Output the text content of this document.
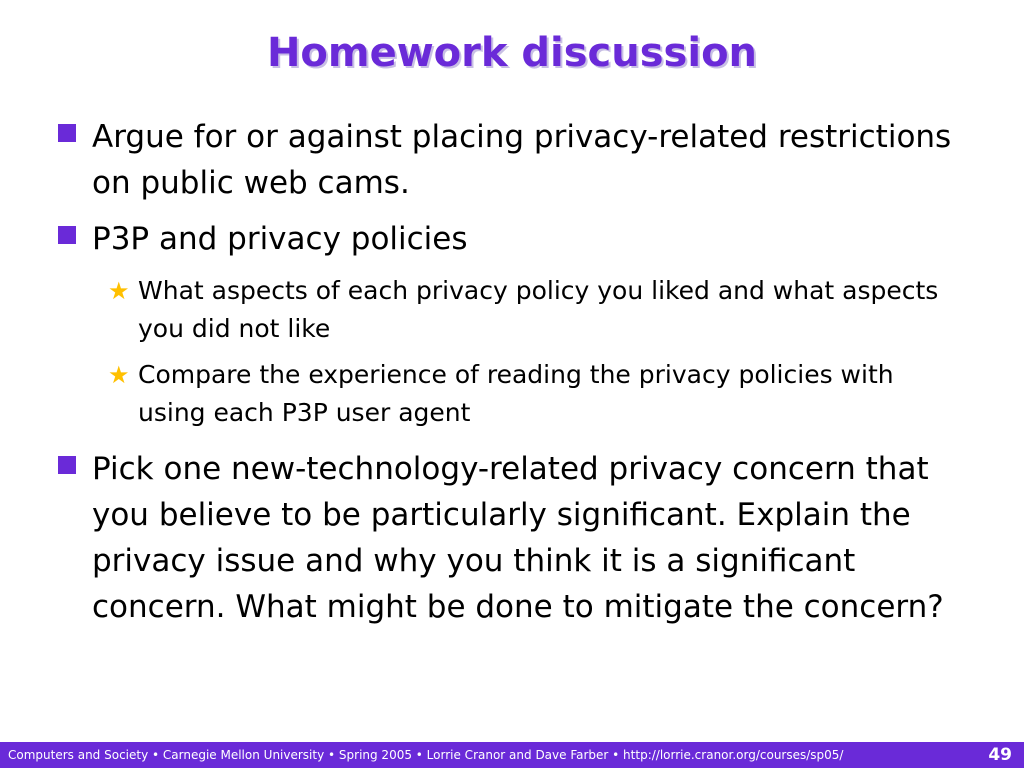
Homework discussion
Argue for or against placing privacy-related restrictions on public web cams.
P3P and privacy policies
★ What aspects of each privacy policy you liked and what aspects you did not like
★ Compare the experience of reading the privacy policies with using each P3P user agent
Pick one new-technology-related privacy concern that you believe to be particularly significant. Explain the privacy issue and why you think it is a significant concern. What might be done to mitigate the concern?
Computers and Society • Carnegie Mellon University • Spring 2005 • Lorrie Cranor and Dave Farber • http://lorrie.cranor.org/courses/sp05/	49
